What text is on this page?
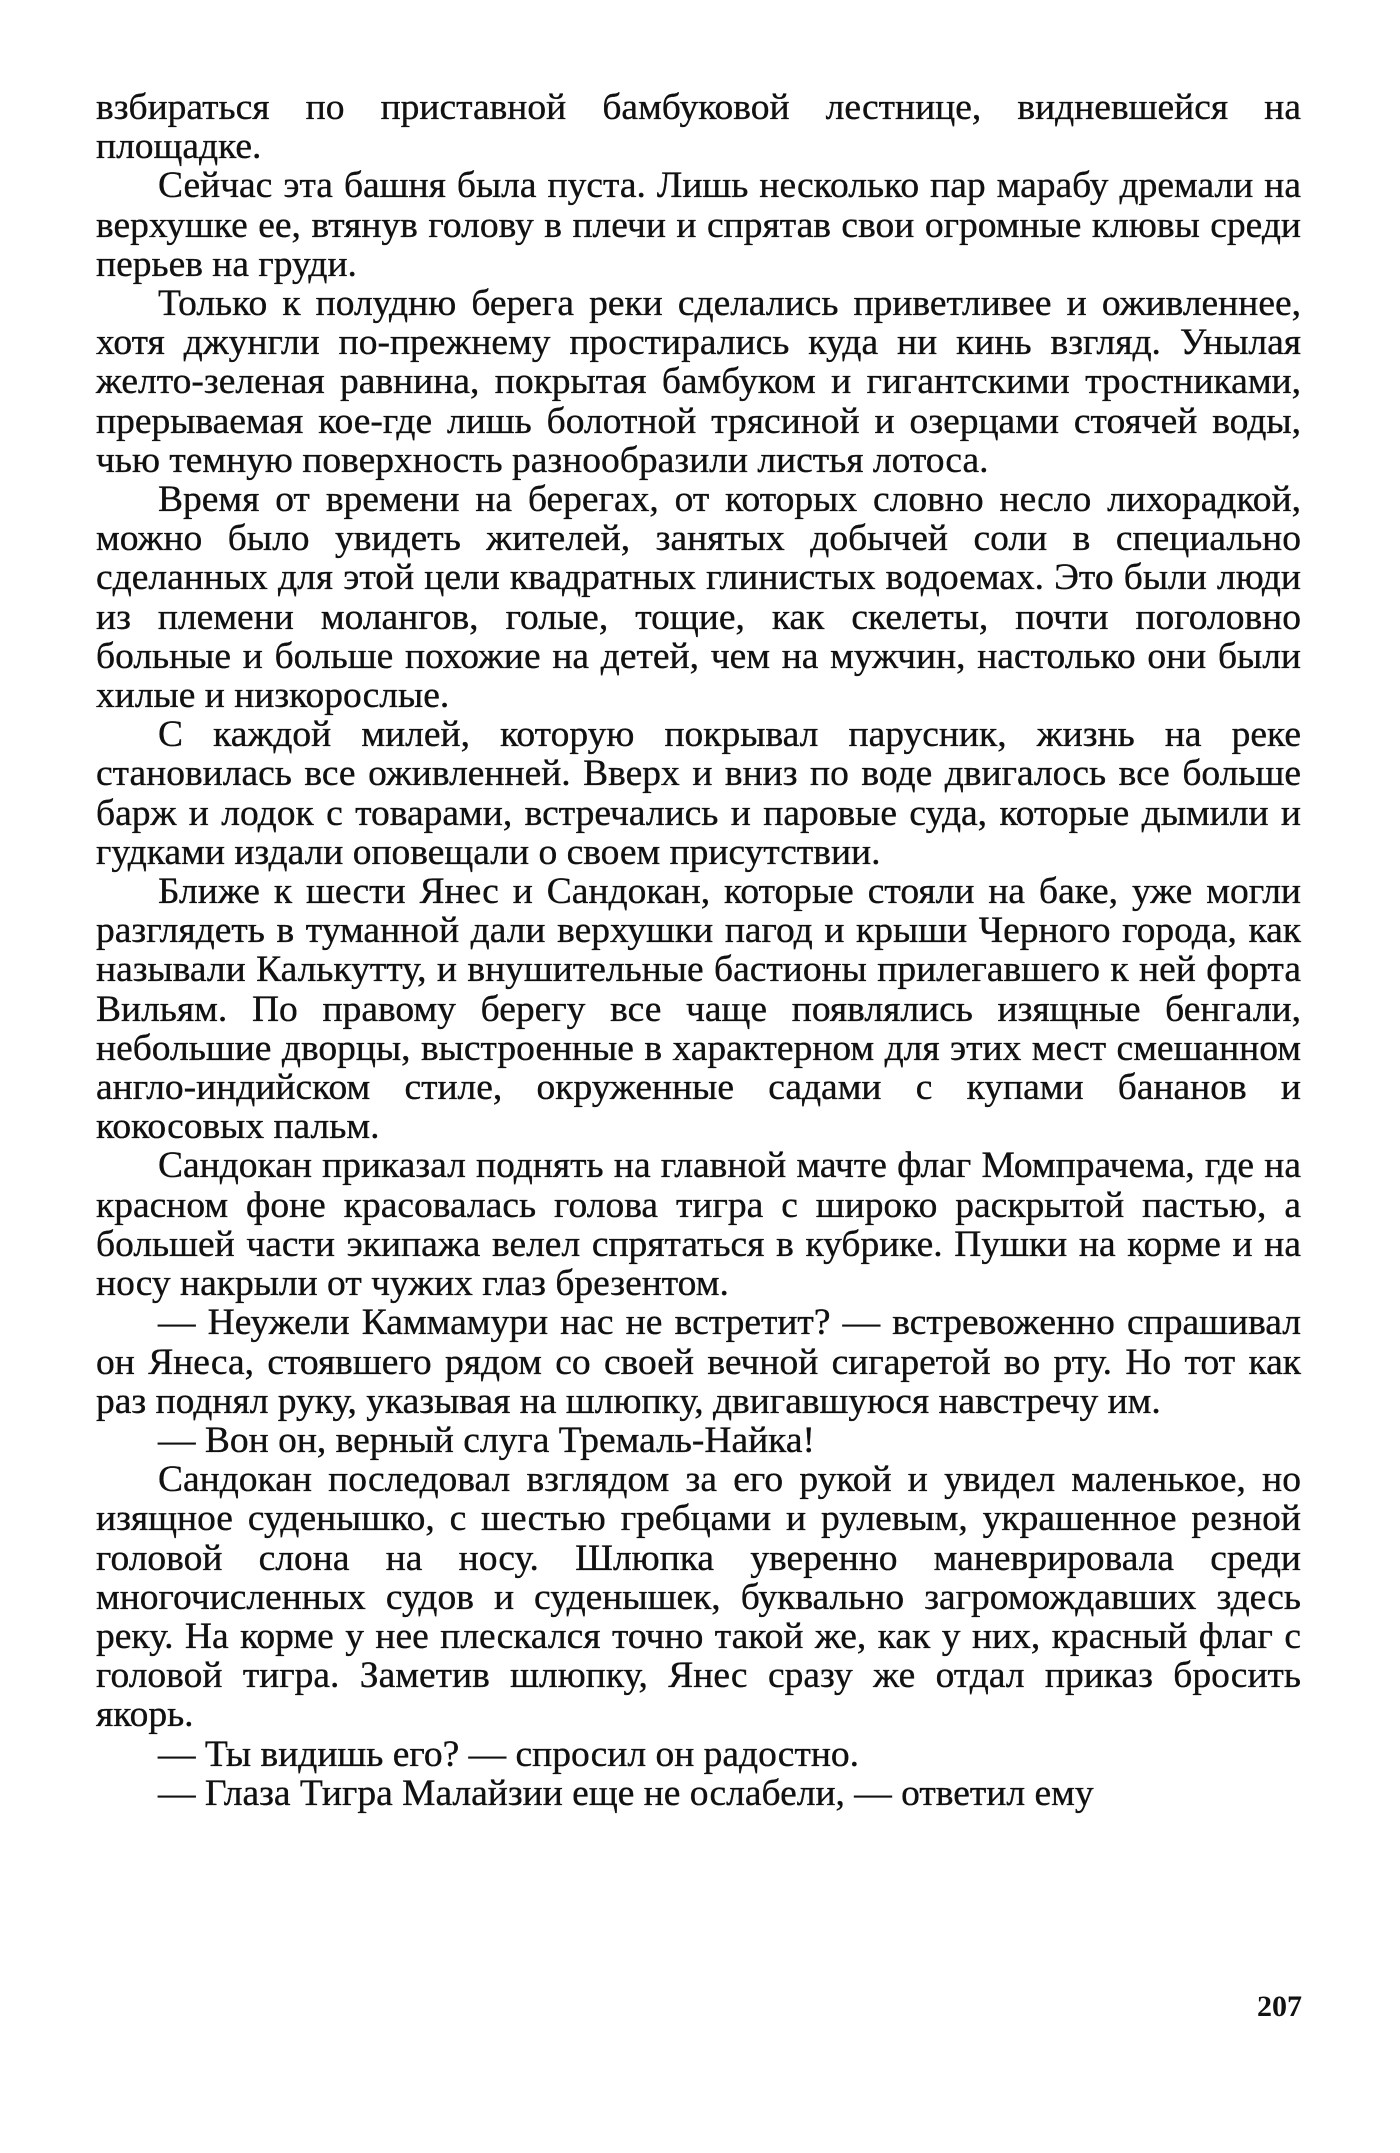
взбираться по приставной бамбуковой лестнице, видневшейся на площадке.

Сейчас эта башня была пуста. Лишь несколько пар марабу дремали на верхушке ее, втянув голову в плечи и спрятав свои огромные клювы среди перьев на груди.

Только к полудню берега реки сделались приветливее и оживленнее, хотя джунгли по-прежнему простирались куда ни кинь взгляд. Унылая желто-зеленая равнина, покрытая бамбуком и гигантскими тростниками, прерываемая кое-где лишь болотной трясиной и озерцами стоячей воды, чью темную поверхность разнообразили листья лотоса.

Время от времени на берегах, от которых словно несло лихорадкой, можно было увидеть жителей, занятых добычей соли в специально сделанных для этой цели квадратных глинистых водоемах. Это были люди из племени молангов, голые, тощие, как скелеты, почти поголовно больные и больше похожие на детей, чем на мужчин, настолько они были хилые и низкорослые.

С каждой милей, которую покрывал парусник, жизнь на реке становилась все оживленней. Вверх и вниз по воде двигалось все больше барж и лодок с товарами, встречались и паровые суда, которые дымили и гудками издали оповещали о своем присутствии.

Ближе к шести Янес и Сандокан, которые стояли на баке, уже могли разглядеть в туманной дали верхушки пагод и крыши Черного города, как называли Калькутту, и внушительные бастионы прилегавшего к ней форта Вильям. По правому берегу все чаще появлялись изящные бенгали, небольшие дворцы, выстроенные в характерном для этих мест смешанном англо-индийском стиле, окруженные садами с купами бананов и кокосовых пальм.

Сандокан приказал поднять на главной мачте флаг Момпрачема, где на красном фоне красовалась голова тигра с широко раскрытой пастью, а большей части экипажа велел спрятаться в кубрике. Пушки на корме и на носу накрыли от чужих глаз брезентом.

— Неужели Каммамури нас не встретит? — встревоженно спрашивал он Янеса, стоявшего рядом со своей вечной сигаретой во рту. Но тот как раз поднял руку, указывая на шлюпку, двигавшуюся навстречу им.

— Вон он, верный слуга Тремаль-Найка!

Сандокан последовал взглядом за его рукой и увидел маленькое, но изящное суденышко, с шестью гребцами и рулевым, украшенное резной головой слона на носу. Шлюпка уверенно маневрировала среди многочисленных судов и суденышек, буквально загромождавших здесь реку. На корме у нее плескался точно такой же, как у них, красный флаг с головой тигра. Заметив шлюпку, Янес сразу же отдал приказ бросить якорь.

— Ты видишь его? — спросил он радостно.

— Глаза Тигра Малайзии еще не ослабели, — ответил ему

207
